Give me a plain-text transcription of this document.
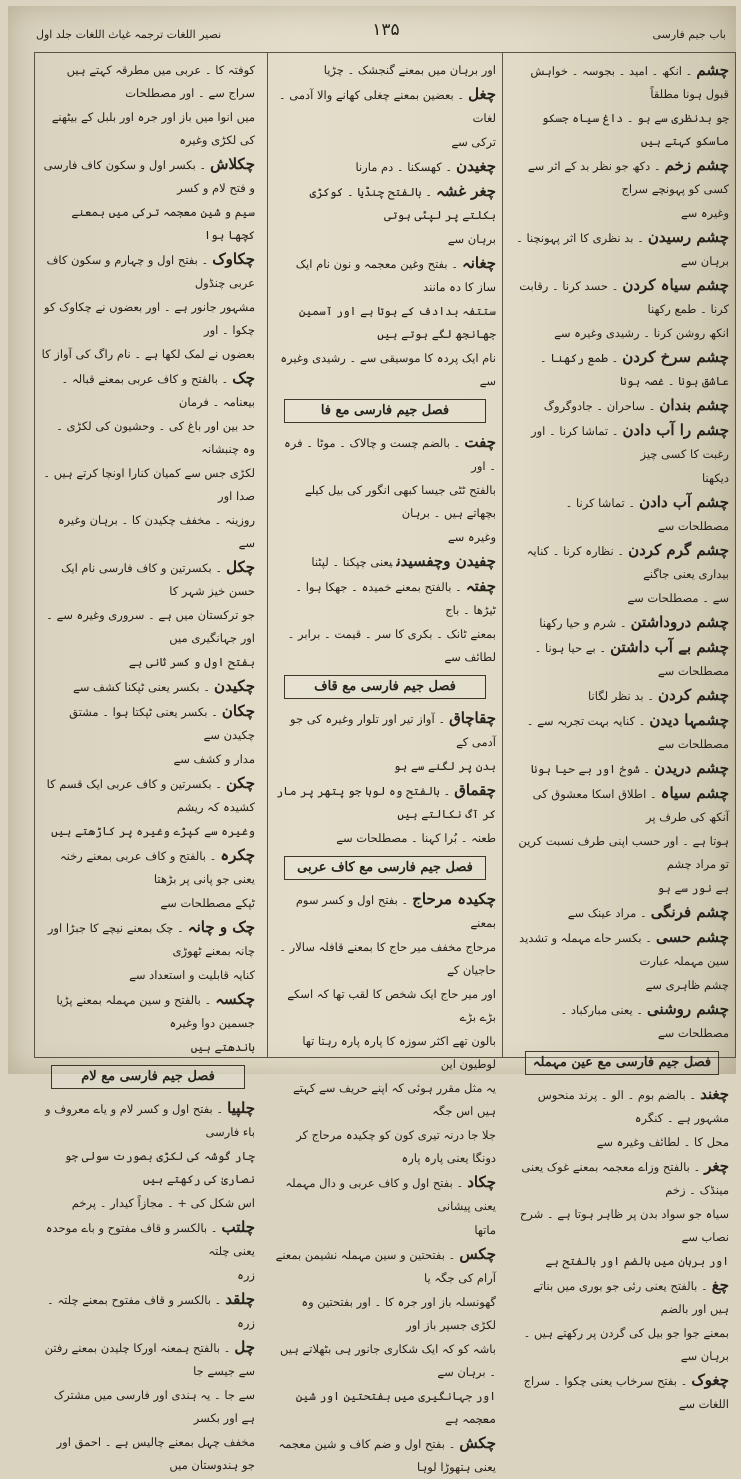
باب جیم فارسی
۱۳۵
نصیر اللغات ترجمہ غیاث اللغات جلد اول
چشم۔ انکھ ۔ امید ۔ بجوسہ ۔ خواہش قبول ہونا مطلقاً
جو بدنظری سے ہو ۔ داغ سیاہ جسکو ماسکو کہتے ہیں
چشم زخم۔ دکھ جو نظر بد کے اثر سے کسی کو پہونچے سراج
وغیرہ سے
چشم رسیدن۔ بد نظری کا اثر پہونچنا ۔ برہان سے
چشم سیاہ کردن۔ حسد کرنا ۔ رقابت کرنا ۔ طمع رکھنا
انکھ روشن کرنا ۔ رشیدی وغیرہ سے
چشم سرخ کردن۔ طمع رکھنا ۔ عاشق ہونا ۔ غصہ ہونا
چشم بندان۔ ساحران ۔ جادوگروگ
چشم را آب دادن۔ تماشا کرنا ۔ اور رغبت کا کسی چیز
دیکھنا
چشم آب دادن۔ تماشا کرنا ۔ مصطلحات سے
چشم گرم کردن۔ نظارہ کرنا ۔ کنایہ بیداری یعنی جاگنے
سے ۔ مصطلحات سے
چشم دروداشتن۔ شرم و حیا رکھنا
چشم بے آب داشتن۔ بے حیا ہونا ۔ مصطلحات سے
چشم کردن۔ بد نظر لگانا
چشمہا دیدن۔ کنایہ بہت تجربہ سے ۔ مصطلحات سے
چشم دریدن۔ شوخ اور بے حیا ہونا
چشم سیاہ۔ اطلاق اسکا معشوق کی آنکھ کی طرف پر
ہوتا ہے ۔ اور حسب اپنی طرف نسبت کرین تو مراد چشم
بے نور سے ہو
چشم فرنگی۔ مراد عینک سے
چشم حسی۔ بکسر حاے مہملہ و تشدید سین مہملہ عبارت
چشم ظاہری سے
چشم روشنی۔ یعنی مبارکباد ۔ مصطلحات سے
فصل جیم فارسی مع عین مہملہ
چغند۔ بالضم بوم ۔ الو ۔ پرند منحوس مشہور ہے ۔ کنگرہ
محل کا ۔ لطائف وغیرہ سے
چغر۔ بالفتح وزاے معجمہ بمعنے غوک یعنی مینڈک ۔ زخم
سیاہ جو سواد بدن پر ظاہر ہوتا ہے ۔ شرح نصاب سے
اور برہان میں بالضم اور بالفتح ہے
چغ۔ بالفتح یعنی رئی جو بوری میں بناتے ہیں اور بالضم
بمعنے جوا جو بیل کی گردن پر رکھتے ہیں ۔ برہان سے
چغوک۔ بفتح سرخاب یعنی چکوا ۔ سراج اللغات سے
اور برہان میں بمعنے گنجشک ۔ چڑیا
چغل۔ بعضین بمعنے چغلی کھانے والا آدمی ۔ لغات
ترکی سے
چغیدن۔ کھسکنا ۔ دم مارنا
چغر غشہ۔ بالفتح چنڈیا ۔ کوکڑی بکلتے پر لپٹی ہوتی
برہان سے
چغانہ۔ بفتح وغین معجمہ و نون نام ایک ساز کا دہ مانند
ستتفہ بدادف کے ہوتا ہے اور آسمین جھانجھ لگے ہوتے ہیں
نام ایک پردہ کا موسیقی سے ۔ رشیدی وغیرہ سے
فصل جیم فارسی مع فا
چفت۔ بالضم چست و چالاک ۔ موٹا ۔ فرہ ۔ اور
بالفتح ٹٹی جیسا کبھی انگور کی بیل کیلے بچھاتے ہیں ۔ برہان
وغیرہ سے
چفیدن وچفسیدنیعنی چپکنا ۔ لپٹنا
چفتہ۔ بالفتح بمعنے خمیدہ ۔ جھکا ہوا ۔ ٹیڑھا ۔ باج
بمعنے ٹانک ۔ بکری کا سر ۔ قیمت ۔ برابر ۔ لطائف سے
فصل جیم فارسی مع قاف
چقاچاق۔ آواز تیر اور تلوار وغیرہ کی جو آدمی کے
بدن پر لگنے سے ہو
چقماق۔ بالفتح وہ لوہا جو پتھر پر مار کر آگ نکالتے ہیں
طعنہ ۔ بُرا کہنا ۔ مصطلحات سے
فصل جیم فارسی مع کاف عربی
چکیدہ مرحاج۔ بفتح اول و کسر سوم بمعنے
مرحاج مخفف میر حاج کا بمعنے قافلہ سالار ۔ حاجیان کے
اور میر حاج ایک شخص کا لقب تھا کہ اسکے بڑے بڑے
بالون تھے اکثر سوزہ کا پارہ پارہ رہتا تھا لوطیون این
یہ مثل مقرر ہوئی کہ اپنے حریف سے کہتے ہیں اس جگہ
جلا جا درنہ تیری کون کو چکیدہ مرحاج کر دونگا یعنی پارہ پارہ
چکاد۔ بفتح اول و کاف عربی و دال مہملہ یعنی پیشانی
ماتھا
چکس۔ بفتحتین و سین مہملہ نشیمن بمعنے آرام کی جگہ یا
گھونسلہ باز اور جرہ کا ۔ اور بفتحتین وہ لکڑی جسپر باز اور
باشہ کو کہ ایک شکاری جانور ہی بٹھلاتے ہیں ۔ برہان سے
اور جہانگیری میں بفتحتین اور شین معجمہ ہے
چکش۔ بفتح اول و ضم کاف و شین معجمہ یعنی ہتھوڑا لوہا
کوفتہ کا ۔ عربی میں مطرقہ کہتے ہیں سراج سے ۔ اور مصطلحات
میں انوا میں باز اور جرہ اور بلبل کے بیٹھنے کی لکڑی وغیرہ
چکلاش۔ بکسر اول و سکون کاف فارسی و فتح لام و کسر
سیم و شین معجمہ ترکی میں بمعنے کچھا ہوا
چکاوک۔ بفتح اول و چہارم و سکون کاف عربی چنڈول
مشہور جانور ہے ۔ اور بعضوں نے چکاوک کو چکوا ۔ اور
بعضوں نے لمک لکھا ہے ۔ نام راگ کی آواز کا
چک۔ بالفتح و کاف عربی بمعنے قبالہ ۔ بیعنامہ ۔ فرمان
حد بین اور باغ کی ۔ وحشیون کی لکڑی ۔ وہ چنبشانہ
لکڑی جس سے کمیان کنارا اونچا کرتے ہیں ۔ صدا اور
روزینہ ۔ مخفف چکیدن کا ۔ برہان وغیرہ سے
چکل۔ بکسرتین و کاف فارسی نام ایک حسن خیز شہر کا
جو ترکستان میں ہے ۔ سروری وغیرہ سے ۔ اور جہانگیری میں
بفتح اول و کسر ثانی ہے
چکیدن۔ بکسر یعنی ٹپکنا کشف سے
چکان۔ بکسر یعنی ٹپکتا ہوا ۔ مشتق چکیدن سے
مدار و کشف سے
چکن۔ بکسرتین و کاف عربی ایک قسم کا کشیدہ کہ ریشم
وغیرہ سے کپڑے وغیرہ پر کاڑھتے ہیں
چکرہ۔ بالفتح و کاف عربی بمعنے رخنہ یعنی جو پانی پر بڑھتا
ٹپکے مصطلحات سے
چک و چانہ۔ چک بمعنے نیچے کا جبڑا اور چانہ بمعنے ٹھوڑی
کنایہ قابلیت و استعداد سے
چکسہ۔ بالفتح و سین مہملہ بمعنے پڑیا جسمین دوا وغیرہ
باندھتے ہیں
فصل جیم فارسی مع لام
چلپیا۔ بفتح اول و کسر لام و یاے معروف و باء فارسی
چار گوشہ کی لکڑی بصورت سولی جو نصاریٰ کی رکھتے ہیں
اس شکل کی + ۔ مجازاً کیدار ۔ پرخم
چلتب۔ بالکسر و قاف مفتوح و باے موحدہ یعنی چلتہ
زرہ
چلقد۔ بالکسر و قاف مفتوح بمعنے چلتہ ۔ زرہ
چل۔ بالفتح ہمعنہ اورکا چلیدن بمعنے رفتن سے جیسے جا
سے جا ۔ یہ ہندی اور فارسی میں مشترک ہے اور بکسر
مخفف چہل بمعنے چالیس ہے ۔ احمق اور جو ہندوستان میں
